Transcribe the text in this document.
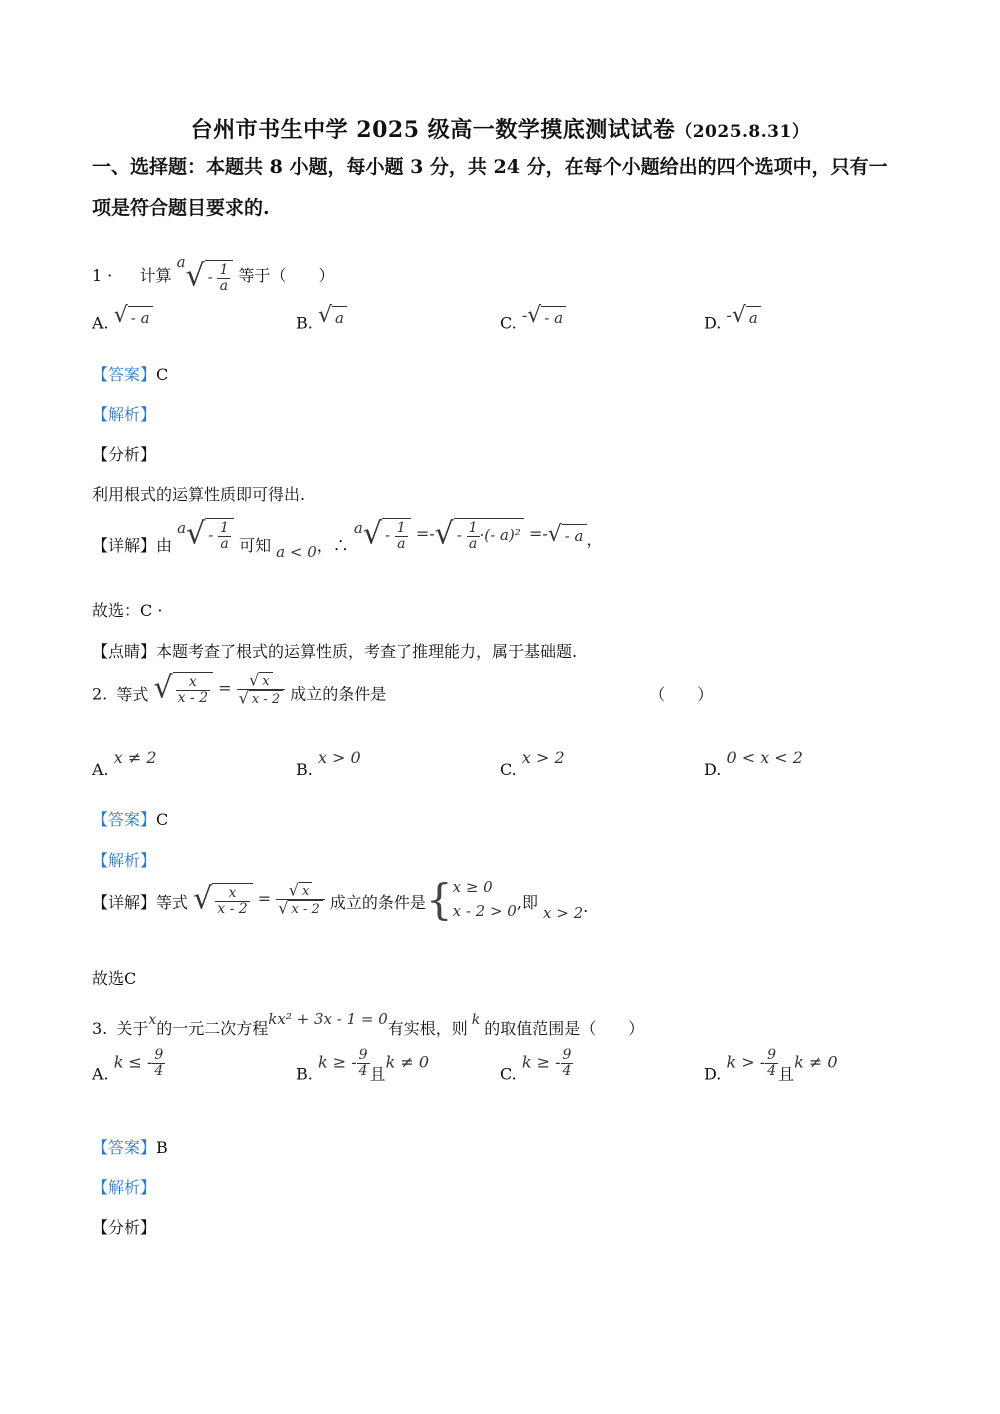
台州市书生中学 2025 级高一数学摸底测试试卷（2025.8.31）
一、选择题：本题共 8 小题，每小题 3 分，共 24 分，在每个小题给出的四个选项中，只有一
项是符合题目要求的.
1 · 计算 $a√ - \frac{1}{a}$ 等于（　　）
A. √ - a	B. √ a	C. -√ - a	D. -√ a
【答案】C
【解析】
【分析】
利用根式的运算性质即可得出.
【详解】由 $a√ - \frac{1}{a}$ 可知 a < 0，∴ $a√ - \frac{1}{a}$ =-√ - $\frac{1}{a}$ ·(- a)² =-√ - a ，
故选：C ·
【点睛】本题考查了根式的运算性质，考查了推理能力，属于基础题.
2. 等式 √ $\frac{x}{x - 2} = \frac{√ x}{√ x - 2}$ 成立的条件是	（　　）
A. x ≠ 2
B. x > 0
C. x > 2
D. 0 < x < 2
【答案】C
【解析】
【详解】等式 √ $\frac{x}{x - 2} = \frac{√ x}{√ x - 2}$ 成立的条件是{ x ≥ 0
x - 2 > 0 ,即 x > 2.
故选C
3. 关于x的一元二次方程kx² + 3x - 1 = 0有实根，则 k 的取值范围是（　　）
A. k ≤ - $\frac{9}{4}$	B. k ≥ - $\frac{9}{4}$ 且k ≠ 0
C. k ≥ - $\frac{9}{4}$	D. k > - $\frac{9}{4}$ 且k ≠ 0
【答案】B
【解析】
【分析】
